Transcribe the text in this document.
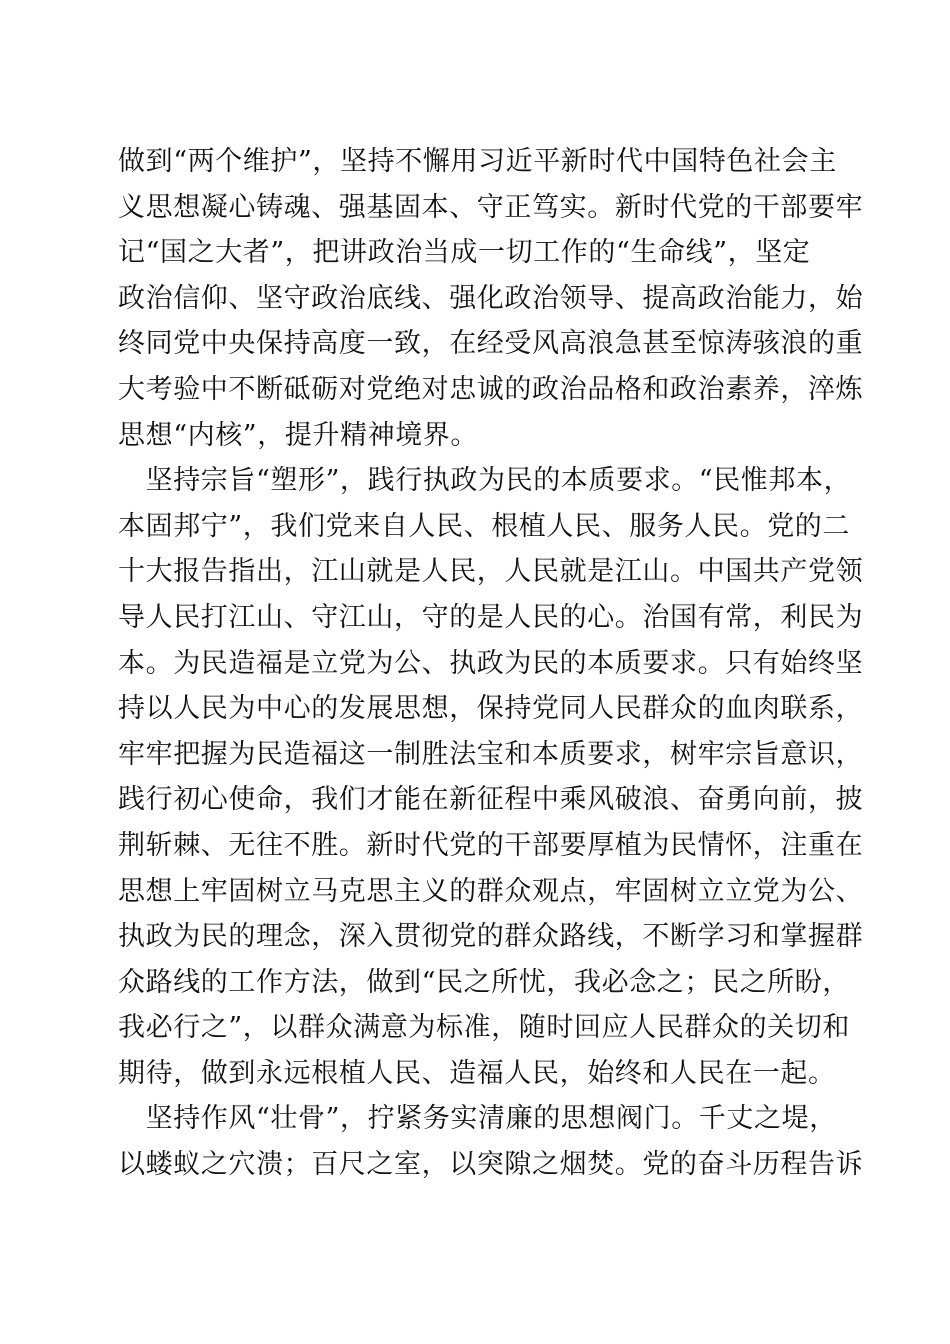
做到“两个维护”，坚持不懈用习近平新时代中国特色社会主
义思想凝心铸魂、强基固本、守正笃实。新时代党的干部要牢
记“国之大者”，把讲政治当成一切工作的“生命线”，坚定
政治信仰、坚守政治底线、强化政治领导、提高政治能力，始
终同党中央保持高度一致，在经受风高浪急甚至惊涛骇浪的重
大考验中不断砥砺对党绝对忠诚的政治品格和政治素养，淬炼
思想“内核”，提升精神境界。
　坚持宗旨“塑形”，践行执政为民的本质要求。“民惟邦本，
本固邦宁”，我们党来自人民、根植人民、服务人民。党的二
十大报告指出，江山就是人民，人民就是江山。中国共产党领
导人民打江山、守江山，守的是人民的心。治国有常，利民为
本。为民造福是立党为公、执政为民的本质要求。只有始终坚
持以人民为中心的发展思想，保持党同人民群众的血肉联系，
牢牢把握为民造福这一制胜法宝和本质要求，树牢宗旨意识，
践行初心使命，我们才能在新征程中乘风破浪、奋勇向前，披
荆斩棘、无往不胜。新时代党的干部要厚植为民情怀，注重在
思想上牢固树立马克思主义的群众观点，牢固树立立党为公、
执政为民的理念，深入贯彻党的群众路线，不断学习和掌握群
众路线的工作方法，做到“民之所忧，我必念之；民之所盼，
我必行之”，以群众满意为标准，随时回应人民群众的关切和
期待，做到永远根植人民、造福人民，始终和人民在一起。
　坚持作风“壮骨”，拧紧务实清廉的思想阀门。千丈之堤，
以蝼蚁之穴溃；百尺之室，以突隙之烟焚。党的奋斗历程告诉
